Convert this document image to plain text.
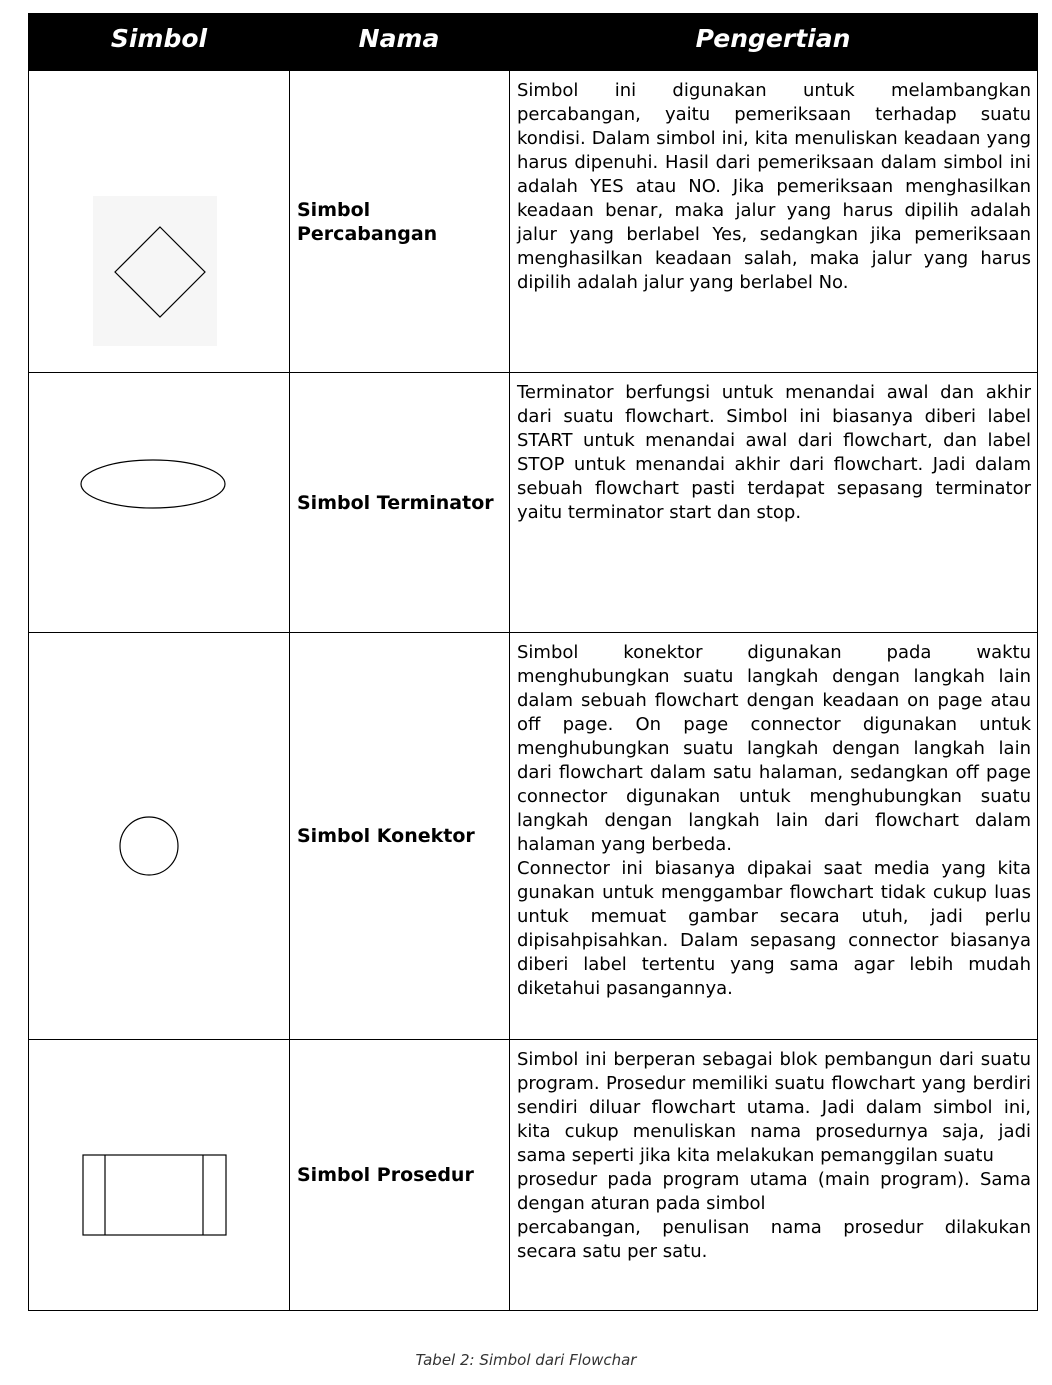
Simbol	Nama	Pengertian
Simbol Percabangan

Simbol ini digunakan untuk melambangkan percabangan, yaitu pemeriksaan terhadap suatu kondisi. Dalam simbol ini, kita menuliskan keadaan yang harus dipenuhi. Hasil dari pemeriksaan dalam simbol ini adalah YES atau NO. Jika pemeriksaan menghasilkan keadaan benar, maka jalur yang harus dipilih adalah jalur yang berlabel Yes, sedangkan jika pemeriksaan menghasilkan keadaan salah, maka jalur yang harus dipilih adalah jalur yang berlabel No.

Simbol Terminator

Terminator berfungsi untuk menandai awal dan akhir dari suatu flowchart. Simbol ini biasanya diberi label START untuk menandai awal dari flowchart, dan label STOP untuk menandai akhir dari flowchart. Jadi dalam sebuah flowchart pasti terdapat sepasang terminator yaitu terminator start dan stop.

Simbol Konektor

Simbol konektor digunakan pada waktu menghubungkan suatu langkah dengan langkah lain dalam sebuah flowchart dengan keadaan on page atau off page. On page connector digunakan untuk menghubungkan suatu langkah dengan langkah lain dari flowchart dalam satu halaman, sedangkan off page connector digunakan untuk menghubungkan suatu langkah dengan langkah lain dari flowchart dalam halaman yang berbeda.

Connector ini biasanya dipakai saat media yang kita gunakan untuk menggambar flowchart tidak cukup luas untuk memuat gambar secara utuh, jadi perlu dipisahpisahkan. Dalam sepasang connector biasanya diberi label tertentu yang sama agar lebih mudah diketahui pasangannya.

Simbol Prosedur

Simbol ini berperan sebagai blok pembangun dari suatu program. Prosedur memiliki suatu flowchart yang berdiri sendiri diluar flowchart utama. Jadi dalam simbol ini, kita cukup menuliskan nama prosedurnya saja, jadi sama seperti jika kita melakukan pemanggilan suatu

prosedur pada program utama (main program). Sama dengan aturan pada simbol

percabangan, penulisan nama prosedur dilakukan secara satu per satu.

Tabel 2: Simbol dari Flowchar
